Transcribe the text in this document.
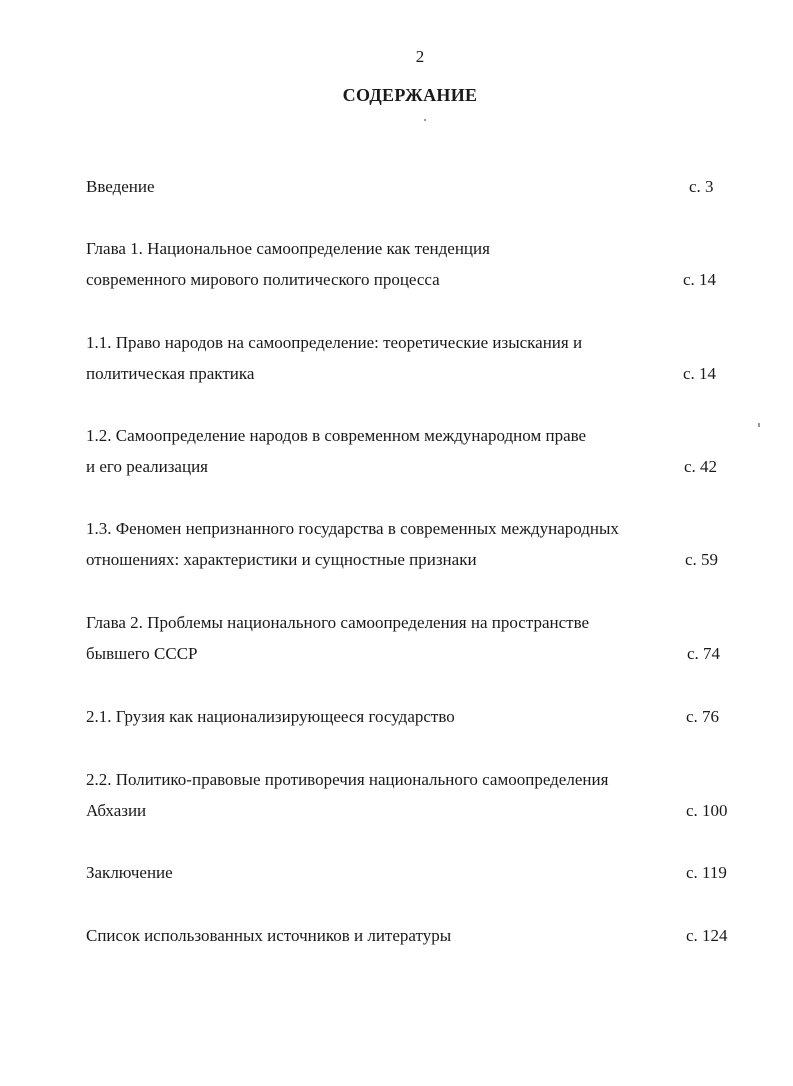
2
СОДЕРЖАНИЕ
Введение	с. 3
Глава 1. Национальное самоопределение как тенденция
современного мирового политического процесса	с. 14
1.1. Право народов на самоопределение: теоретические изыскания и
политическая практика	с. 14
1.2. Самоопределение народов в современном международном праве
и его реализация	с. 42
1.3. Феномен непризнанного государства в современных международных
отношениях: характеристики и сущностные признаки	с. 59
Глава 2. Проблемы национального самоопределения на пространстве
бывшего СССР	с. 74
2.1. Грузия как национализирующееся государство	с. 76
2.2. Политико-правовые противоречия национального самоопределения
Абхазии	с. 100
Заключение	с. 119
Список использованных источников и литературы	с. 124
